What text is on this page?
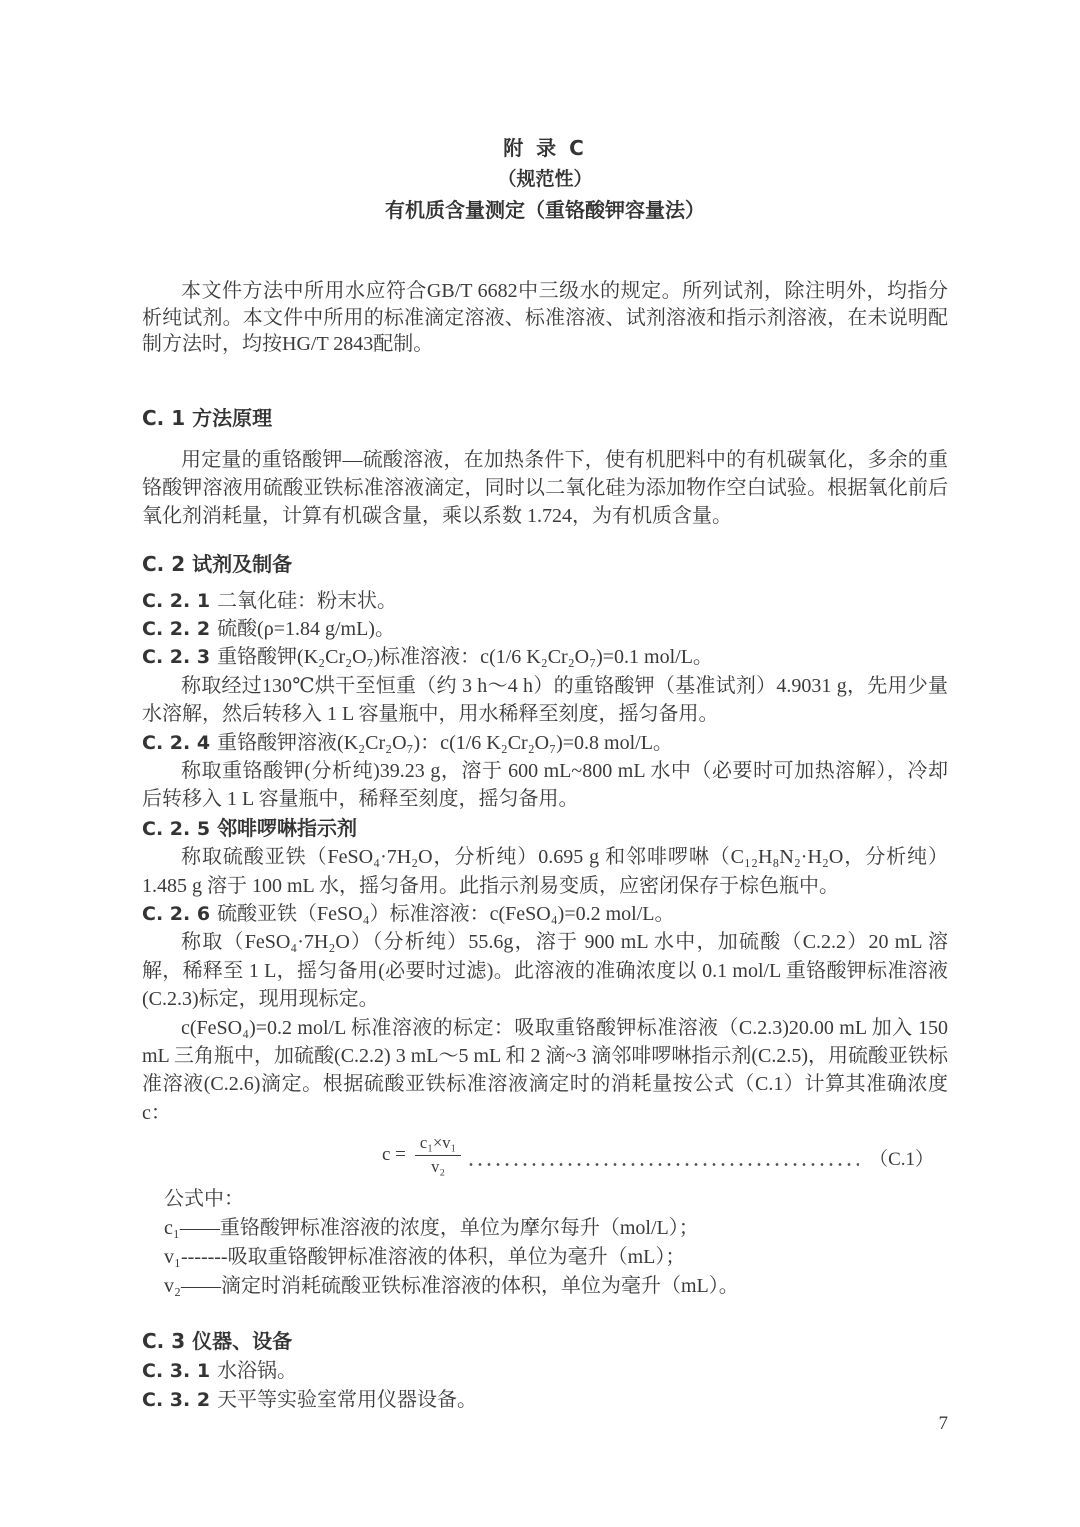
附 录 C
（规范性）
有机质含量测定（重铬酸钾容量法）
本文件方法中所用水应符合GB/T 6682中三级水的规定。所列试剂，除注明外，均指分析纯试剂。本文件中所用的标准滴定溶液、标准溶液、试剂溶液和指示剂溶液，在未说明配制方法时，均按HG/T 2843配制。
C. 1 方法原理
用定量的重铬酸钾—硫酸溶液，在加热条件下，使有机肥料中的有机碳氧化，多余的重铬酸钾溶液用硫酸亚铁标准溶液滴定，同时以二氧化硅为添加物作空白试验。根据氧化前后氧化剂消耗量，计算有机碳含量，乘以系数 1.724，为有机质含量。
C. 2 试剂及制备
C. 2. 1 二氧化硅：粉末状。
C. 2. 2 硫酸(ρ=1.84 g/mL)。
C. 2. 3 重铬酸钾(K₂Cr₂O₇)标准溶液：c(1/6 K₂Cr₂O₇)=0.1 mol/L。
称取经过130℃烘干至恒重（约 3 h～4 h）的重铬酸钾（基准试剂）4.9031 g，先用少量水溶解，然后转移入 1 L 容量瓶中，用水稀释至刻度，摇匀备用。
C. 2. 4 重铬酸钾溶液(K₂Cr₂O₇)：c(1/6 K₂Cr₂O₇)=0.8 mol/L。
称取重铬酸钾(分析纯)39.23 g，溶于 600 mL~800 mL 水中（必要时可加热溶解），冷却后转移入 1 L 容量瓶中，稀释至刻度，摇匀备用。
C. 2. 5 邻啡啰啉指示剂
称取硫酸亚铁（FeSO₄·7H₂O，分析纯）0.695 g 和邻啡啰啉（C₁₂H₈N₂·H₂O，分析纯）1.485 g 溶于 100 mL 水，摇匀备用。此指示剂易变质，应密闭保存于棕色瓶中。
C. 2. 6 硫酸亚铁（FeSO₄）标准溶液：c(FeSO₄)=0.2 mol/L。
称取（FeSO₄·7H₂O）（分析纯）55.6g，溶于 900 mL 水中，加硫酸（C.2.2）20 mL 溶解，稀释至 1 L，摇匀备用(必要时过滤)。此溶液的准确浓度以 0.1 mol/L 重铬酸钾标准溶液(C.2.3)标定，现用现标定。
c(FeSO₄)=0.2 mol/L 标准溶液的标定：吸取重铬酸钾标准溶液（C.2.3)20.00 mL 加入 150 mL 三角瓶中，加硫酸(C.2.2) 3 mL～5 mL 和 2 滴~3 滴邻啡啰啉指示剂(C.2.5)，用硫酸亚铁标准溶液(C.2.6)滴定。根据硫酸亚铁标准溶液滴定时的消耗量按公式（C.1）计算其准确浓度 c：
$c = \frac{\text{c₁×v₁}}{\text{v₂}}$	（C.1）
公式中：
c₁——重铬酸钾标准溶液的浓度，单位为摩尔每升（mol/L）；
v₁-------吸取重铬酸钾标准溶液的体积，单位为毫升（mL）；
v₂——滴定时消耗硫酸亚铁标准溶液的体积，单位为毫升（mL）。
C. 3 仪器、设备
C. 3. 1 水浴锅。
C. 3. 2 天平等实验室常用仪器设备。
7
